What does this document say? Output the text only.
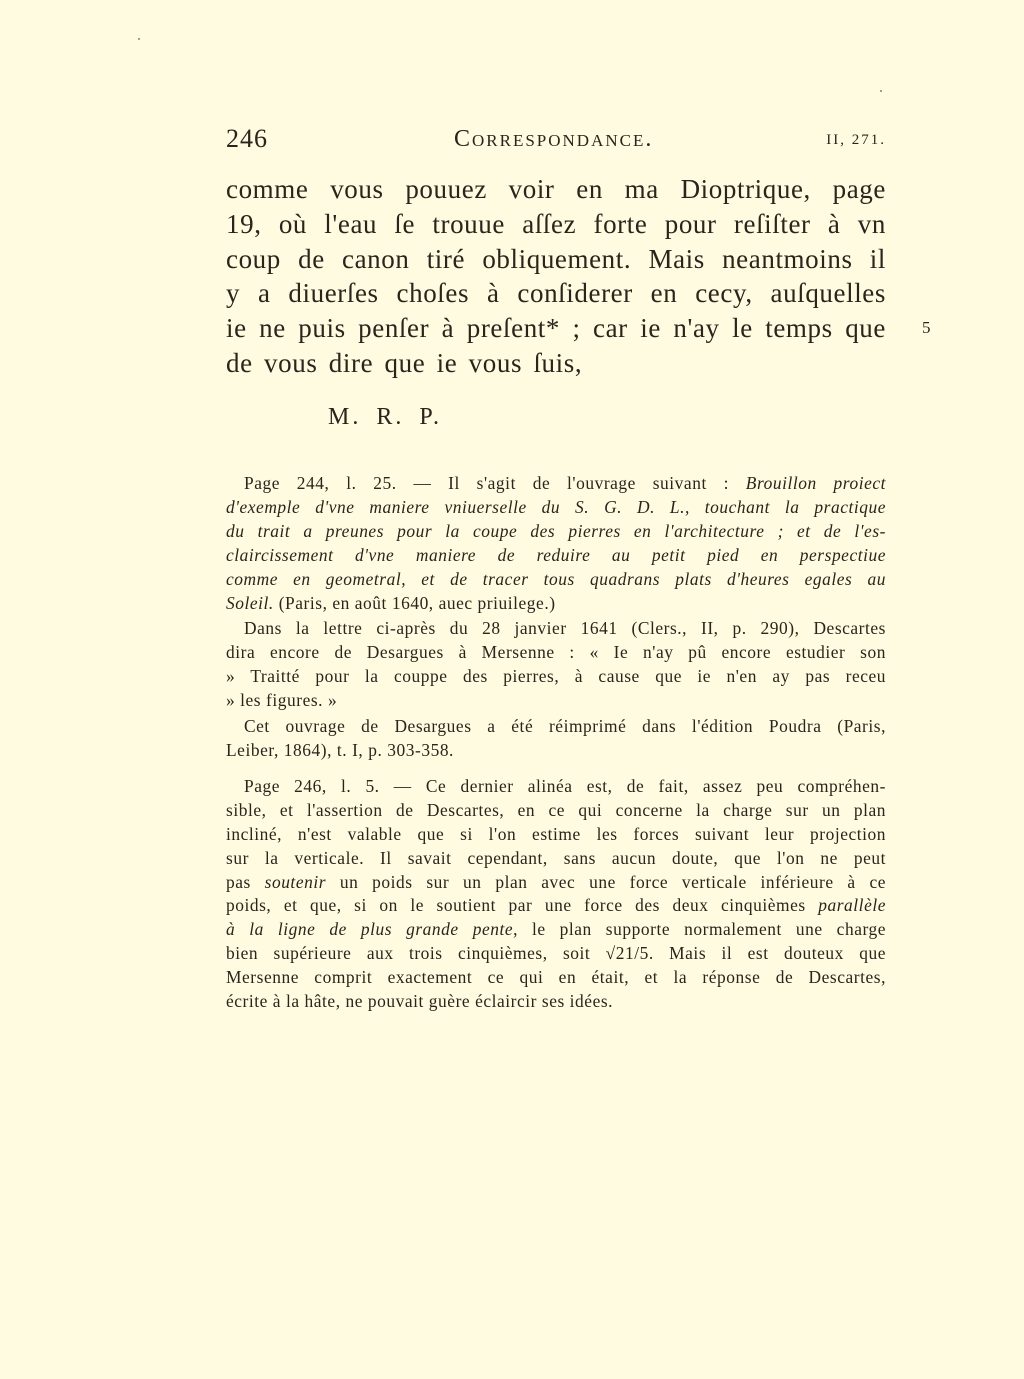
246	Correspondance.	II, 271.
comme vous pouuez voir en ma Dioptrique, page
19, où l'eau ſe trouue aſſez forte pour reſiſter à vn
coup de canon tiré obliquement. Mais neantmoins il
y a diuerſes choſes à conſiderer en cecy, auſquelles
ie ne puis penſer à preſent* ; car ie n'ay le temps que
de vous dire que ie vous ſuis,
5
M. R. P.
Page 244, l. 25. — Il s'agit de l'ouvrage suivant : Brouillon proiect
d'exemple d'vne maniere vniuerselle du S. G. D. L., touchant la practique
du trait a preunes pour la coupe des pierres en l'architecture ; et de l'es-
claircissement d'vne maniere de reduire au petit pied en perspectiue
comme en geometral, et de tracer tous quadrans plats d'heures egales au
Soleil. (Paris, en août 1640, auec priuilege.)
Dans la lettre ci-après du 28 janvier 1641 (Clers., II, p. 290), Descartes
dira encore de Desargues à Mersenne : « Ie n'ay pû encore estudier son
» Traitté pour la couppe des pierres, à cause que ie n'en ay pas receu
» les figures. »
Cet ouvrage de Desargues a été réimprimé dans l'édition Poudra (Paris,
Leiber, 1864), t. I, p. 303-358.
Page 246, l. 5. — Ce dernier alinéa est, de fait, assez peu compréhen-
sible, et l'assertion de Descartes, en ce qui concerne la charge sur un plan
incliné, n'est valable que si l'on estime les forces suivant leur projection
sur la verticale. Il savait cependant, sans aucun doute, que l'on ne peut
pas soutenir un poids sur un plan avec une force verticale inférieure à ce
poids, et que, si on le soutient par une force des deux cinquièmes parallèle
à la ligne de plus grande pente, le plan supporte normalement une charge
bien supérieure aux trois cinquièmes, soit √21/5. Mais il est douteux que
Mersenne comprit exactement ce qui en était, et la réponse de Descartes,
écrite à la hâte, ne pouvait guère éclaircir ses idées.
